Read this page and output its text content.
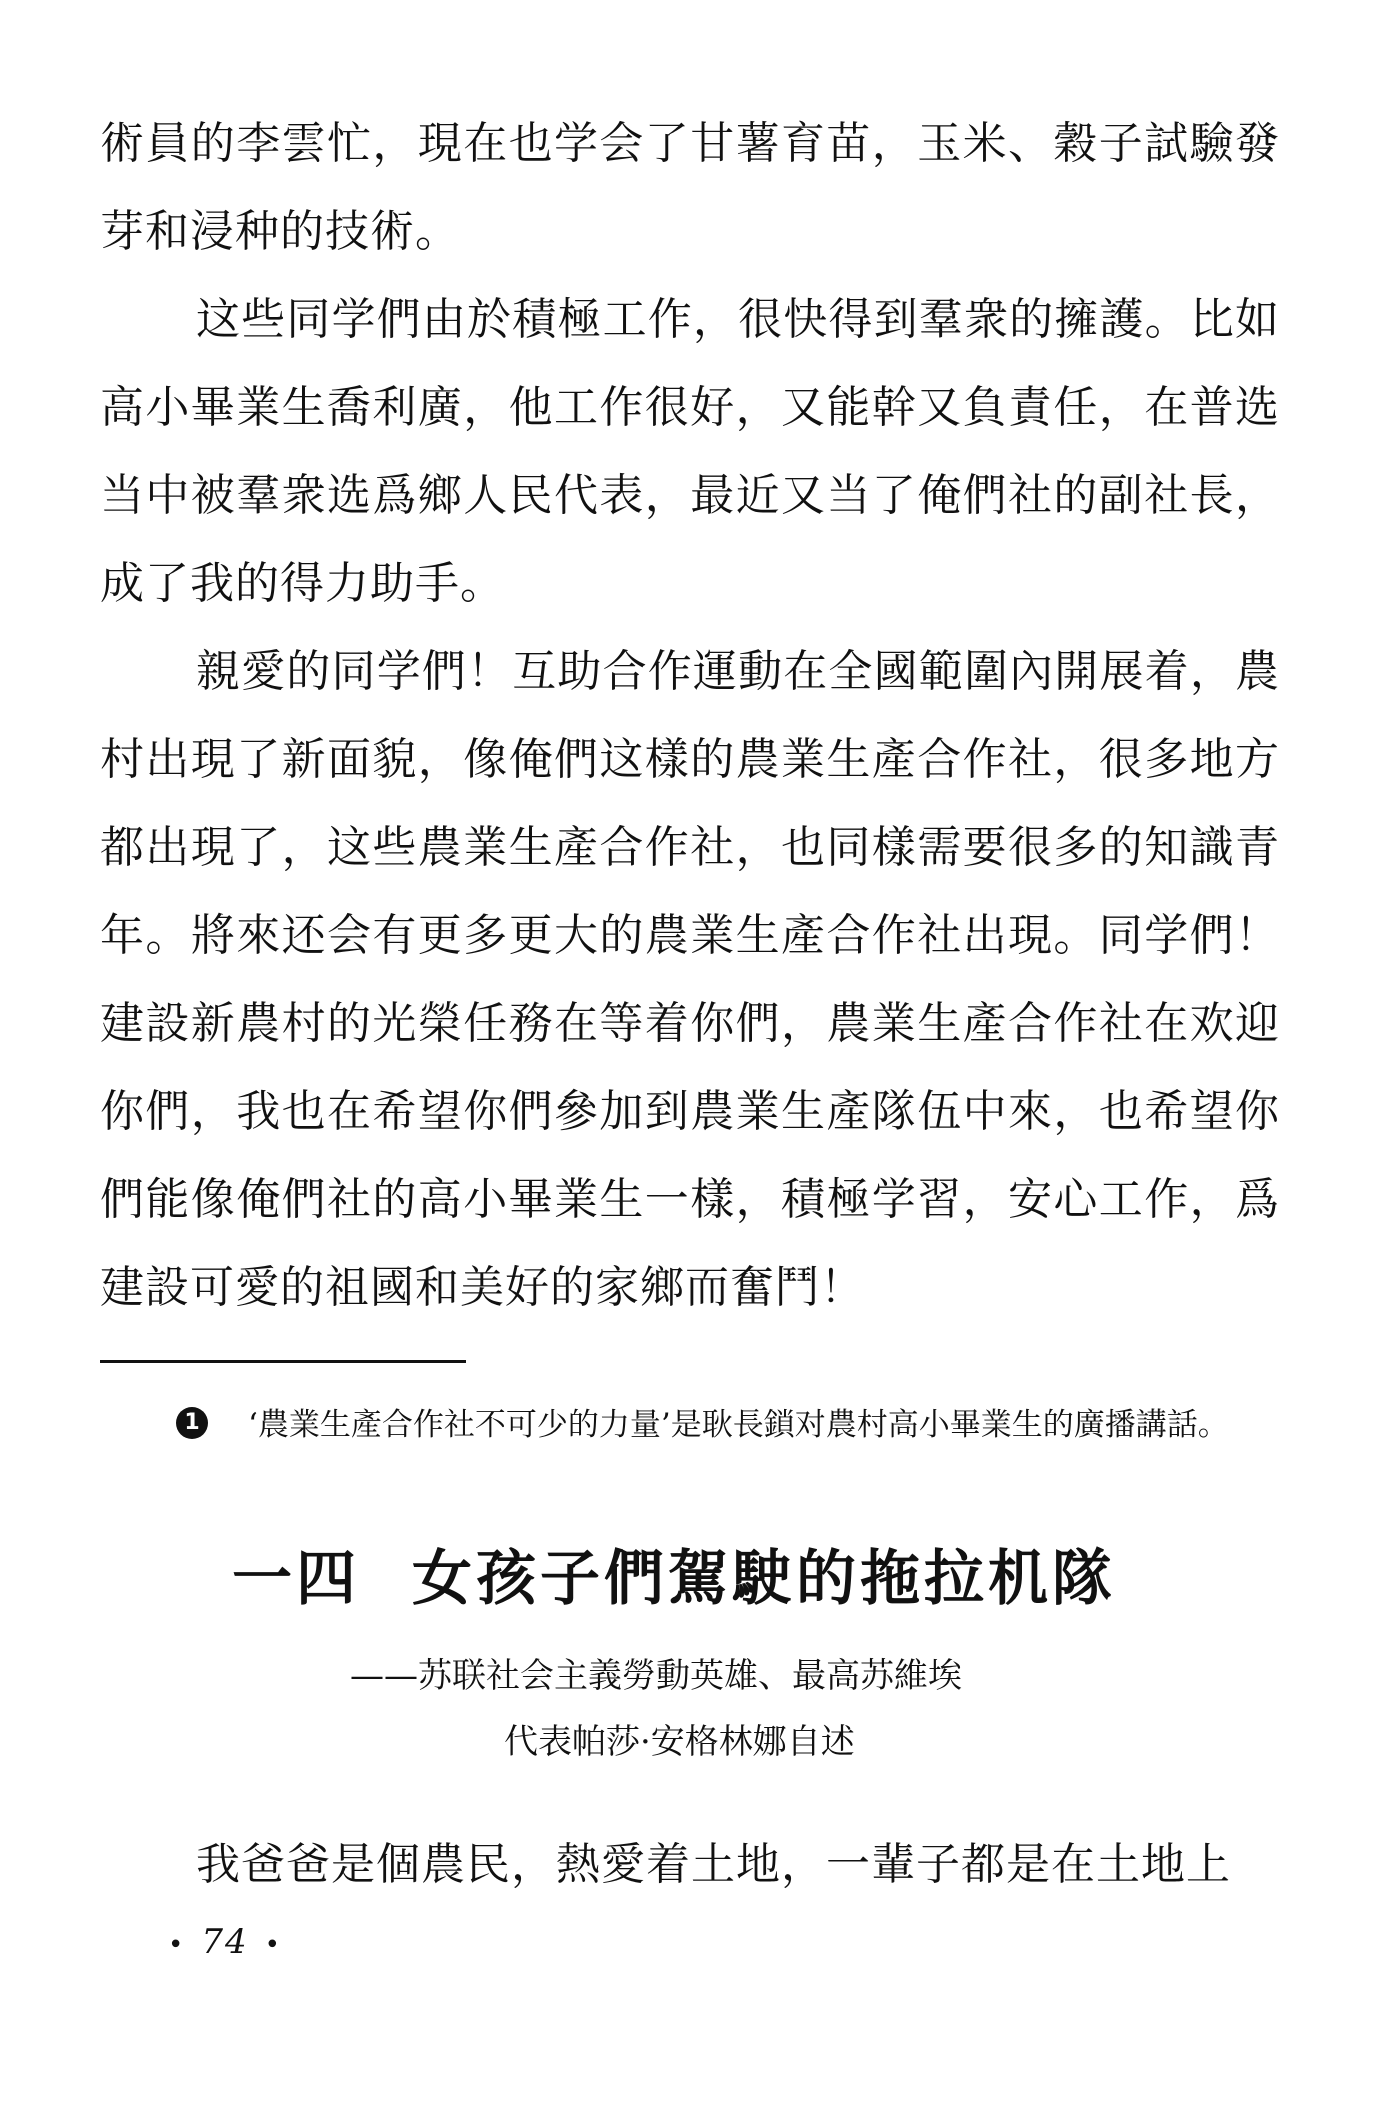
術員的李雲忙，現在也学会了甘薯育苗，玉米、穀子試驗發芽和浸种的技術。

这些同学們由於積極工作，很快得到羣衆的擁護。比如高小畢業生喬利廣，他工作很好，又能幹又負責任，在普选当中被羣衆选爲鄉人民代表，最近又当了俺們社的副社長，成了我的得力助手。

親愛的同学們！互助合作運動在全國範圍內開展着，農村出現了新面貌，像俺們这樣的農業生產合作社，很多地方都出現了，这些農業生產合作社，也同樣需要很多的知識青年。將來还会有更多更大的農業生產合作社出現。同学們！建設新農村的光榮任務在等着你們，農業生產合作社在欢迎你們，我也在希望你們參加到農業生產隊伍中來，也希望你們能像俺們社的高小畢業生一樣，積極学習，安心工作，爲建設可愛的祖國和美好的家鄉而奮鬥！

1 ‘農業生產合作社不可少的力量’是耿長鎖对農村高小畢業生的廣播講話。
一四 女孩子們駕駛的拖拉机隊
——苏联社会主義勞動英雄、最高苏維埃
代表帕莎·安格林娜自述

我爸爸是個農民，熱愛着土地，一輩子都是在土地上

• 74 •
